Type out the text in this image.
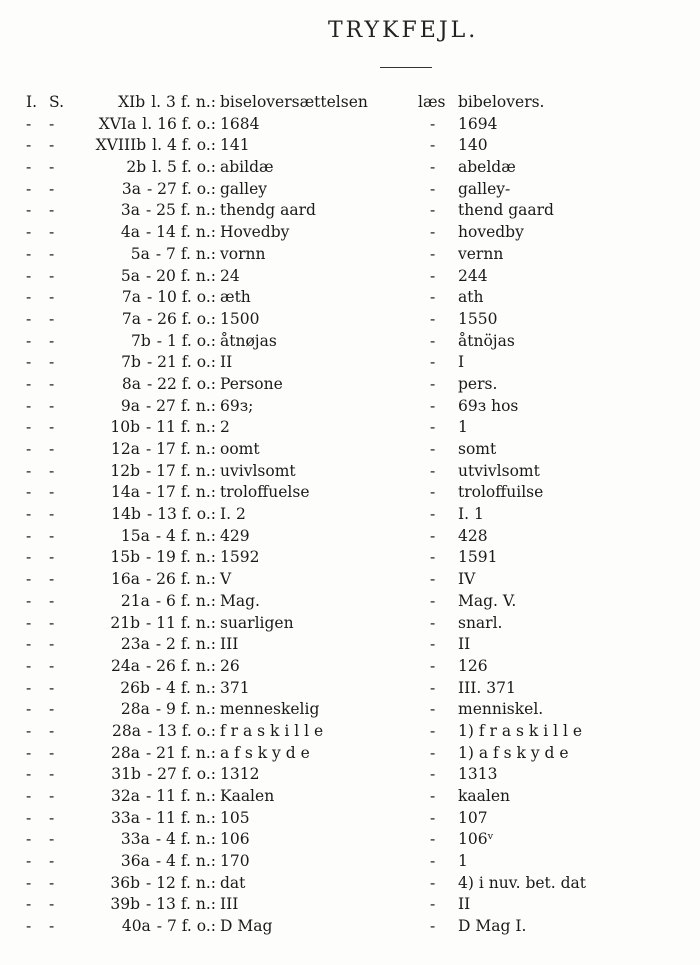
TRYKFEJL.
I. S.	XIb l. 3 f. n.: biseloversættelsen	læs bibelovers.
- -	XVIa l. 16 f. o.: 1684	- 1694
- -	XVIIIb l. 4 f. o.: 141	- 140
- -	2b l. 5 f. o.: abildæ	- abeldæ
- -	3a - 27 f. o.: galley	- galley-
- -	3a - 25 f. n.: thendg aard	- thend gaard
- -	4a - 14 f. n.: Hovedby	- hovedby
- -	5a - 7 f. n.: vornn	- vernn
- -	5a - 20 f. n.: 24	- 244
- -	7a - 10 f. o.: æth	- ath
- -	7a - 26 f. o.: 1500	- 1550
- -	7b - 1 f. o.: åtnøjas	- åtnöjas
- -	7b - 21 f. o.: II	- I
- -	8a - 22 f. o.: Persone	- pers.
- -	9a - 27 f. n.: 69з;	- 69з hos
- -	10b - 11 f. n.: 2	- 1
- -	12a - 17 f. n.: oomt	- somt
- -	12b - 17 f. n.: uvivlsomt	- utvivlsomt
- -	14a - 17 f. n.: troloffuelse	- troloffuilse
- -	14b - 13 f. o.: I. 2	- I. 1
- -	15a - 4 f. n.: 429	- 428
- -	15b - 19 f. n.: 1592	- 1591
- -	16a - 26 f. n.: V	- IV
- -	21a - 6 f. n.: Mag.	- Mag. V.
- -	21b - 11 f. n.: suarligen	- snarl.
- -	23a - 2 f. n.: III	- II
- -	24a - 26 f. n.: 26	- 126
- -	26b - 4 f. n.: 371	- III. 371
- -	28a - 9 f. n.: menneskelig	- menniskel.
- -	28a - 13 f. o.: f r a s k i l l e	- 1) f r a s k i l l e
- -	28a - 21 f. n.: a f s k y d e	- 1) a f s k y d e
- -	31b - 27 f. o.: 1312	- 1313
- -	32a - 11 f. n.: Kaalen	- kaalen
- -	33a - 11 f. n.: 105	- 107
- -	33a - 4 f. n.: 106	- 106ᵛ
- -	36a - 4 f. n.: 170	- 1
- -	36b - 12 f. n.: dat	- 4) i nuv. bet. dat
- -	39b - 13 f. n.: III	- II
- -	40a - 7 f. o.: D Mag	- D Mag I.
